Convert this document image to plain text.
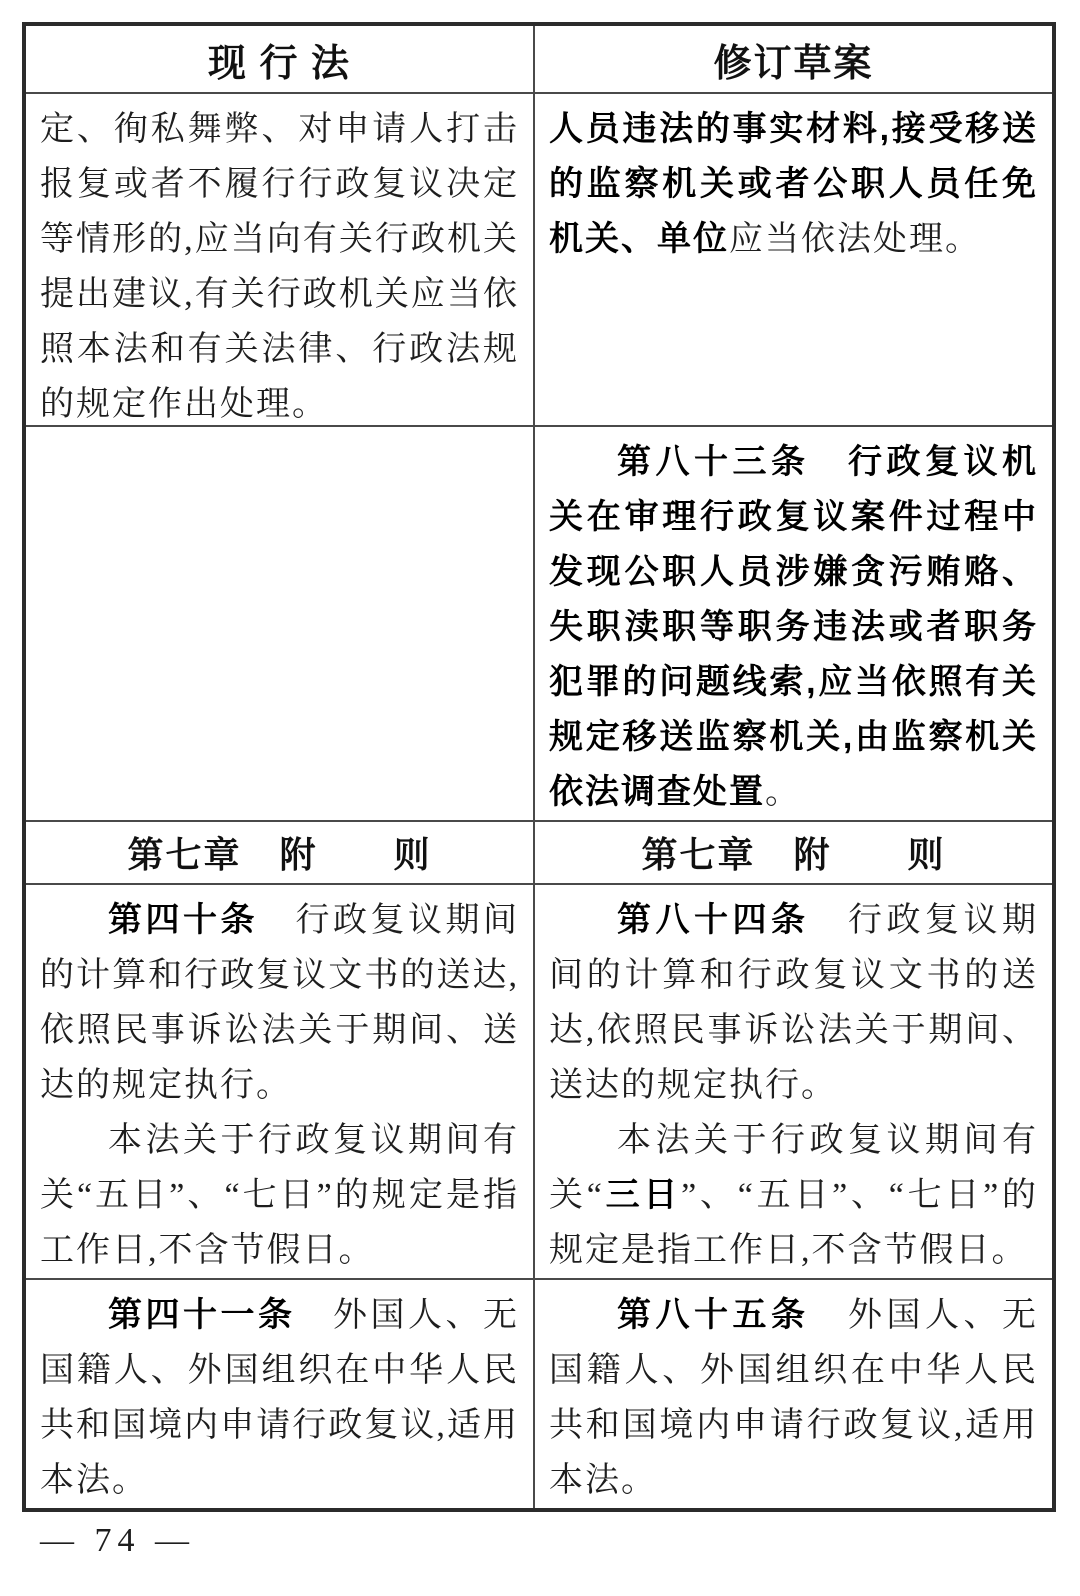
现 行 法	修订草案

定、徇私舞弊、对申请人打击报复或者不履行行政复议决定等情形的,应当向有关行政机关提出建议,有关行政机关应当依照本法和有关法律、行政法规的规定作出处理。

人员违法的事实材料,接受移送的监察机关或者公职人员任免机关、单位应当依法处理。

第八十三条　行政复议机关在审理行政复议案件过程中发现公职人员涉嫌贪污贿赂、失职渎职等职务违法或者职务犯罪的问题线索,应当依照有关规定移送监察机关,由监察机关依法调查处置。

第七章　附　　则	第七章　附　　则

第四十条　行政复议期间的计算和行政复议文书的送达,依照民事诉讼法关于期间、送达的规定执行。

本法关于行政复议期间有关“五日”、“七日”的规定是指工作日,不含节假日。

第八十四条　行政复议期间的计算和行政复议文书的送达,依照民事诉讼法关于期间、送达的规定执行。

本法关于行政复议期间有关“三日”、“五日”、“七日”的规定是指工作日,不含节假日。

第四十一条　外国人、无国籍人、外国组织在中华人民共和国境内申请行政复议,适用本法。

第八十五条　外国人、无国籍人、外国组织在中华人民共和国境内申请行政复议,适用本法。

— 74 —
